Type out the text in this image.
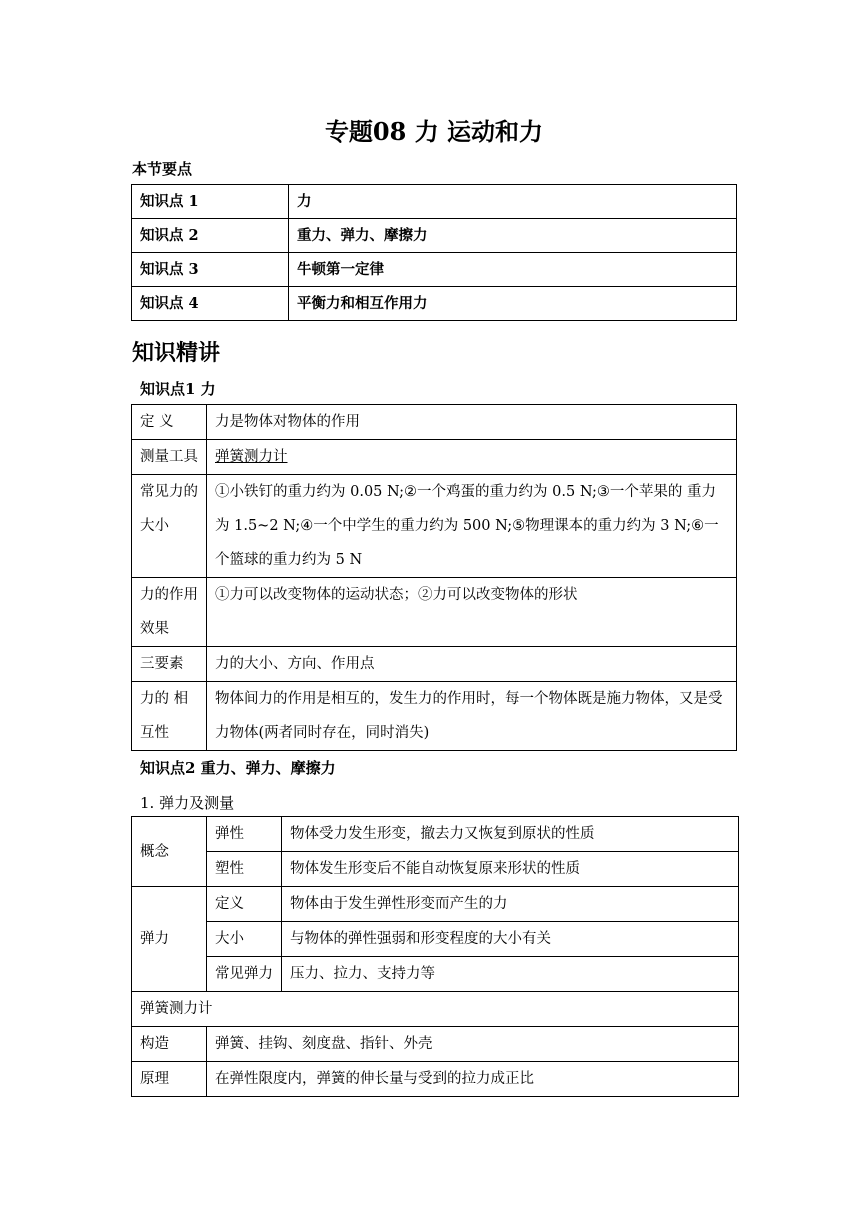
专题08 力 运动和力
本节要点
知识点 1	力
知识点 2	重力、弹力、摩擦力
知识点 3	牛顿第一定律
知识点 4	平衡力和相互作用力
知识精讲
知识点1 力
定 义	力是物体对物体的作用
测量工具	弹簧测力计
常见力的大小	①小铁钉的重力约为 0.05 N;②一个鸡蛋的重力约为 0.5 N;③一个苹果的 重力为 1.5~2 N;④一个中学生的重力约为 500 N;⑤物理课本的重力约为 3 N;⑥一个篮球的重力约为 5 N
力的作用效果	①力可以改变物体的运动状态；②力可以改变物体的形状
三要素	力的大小、方向、作用点
力的 相互性	物体间力的作用是相互的，发生力的作用时，每一个物体既是施力物体，又是受 力物体(两者同时存在，同时消失)
知识点2 重力、弹力、摩擦力
1. 弹力及测量
概念	弹性	物体受力发生形变，撤去力又恢复到原状的性质
	塑性	物体发生形变后不能自动恢复原来形状的性质
弹力	定义	物体由于发生弹性形变而产生的力
	大小	与物体的弹性强弱和形变程度的大小有关
	常见弹力	压力、拉力、支持力等
弹簧测力计		
构造	弹簧、挂钩、刻度盘、指针、外壳	
原理	在弹性限度内，弹簧的伸长量与受到的拉力成正比	
